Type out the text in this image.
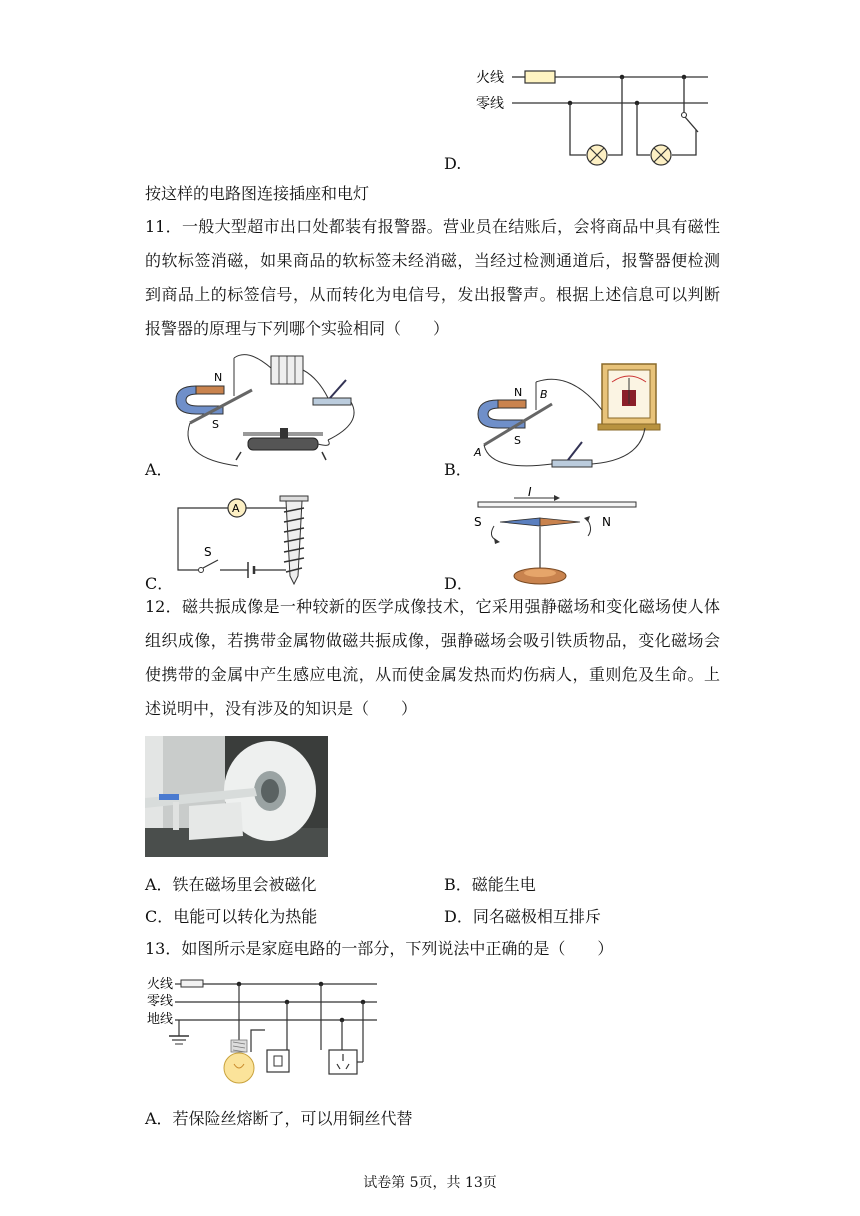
D.
火线
零线
按这样的电路图连接插座和电灯
11．一般大型超市出口处都装有报警器。营业员在结账后，会将商品中具有磁性的软标签消磁，如果商品的软标签未经消磁，当经过检测通道后，报警器便检测到商品上的标签信号，从而转化为电信号，发出报警声。根据上述信息可以判断报警器的原理与下列哪个实验相同（　　）
A．
N
S
B．
N
S
B
A
C．
A
S
D．
I
S	N
12．磁共振成像是一种较新的医学成像技术，它采用强静磁场和变化磁场使人体组织成像，若携带金属物做磁共振成像，强静磁场会吸引铁质物品，变化磁场会使携带的金属中产生感应电流，从而使金属发热而灼伤病人，重则危及生命。上述说明中，没有涉及的知识是（　　）
A．铁在磁场里会被磁化	B．磁能生电
C．电能可以转化为热能	D．同名磁极相互排斥
13．如图所示是家庭电路的一部分，下列说法中正确的是（　　）
火线
零线
地线
A．若保险丝熔断了，可以用铜丝代替
试卷第 5页，共 13页
